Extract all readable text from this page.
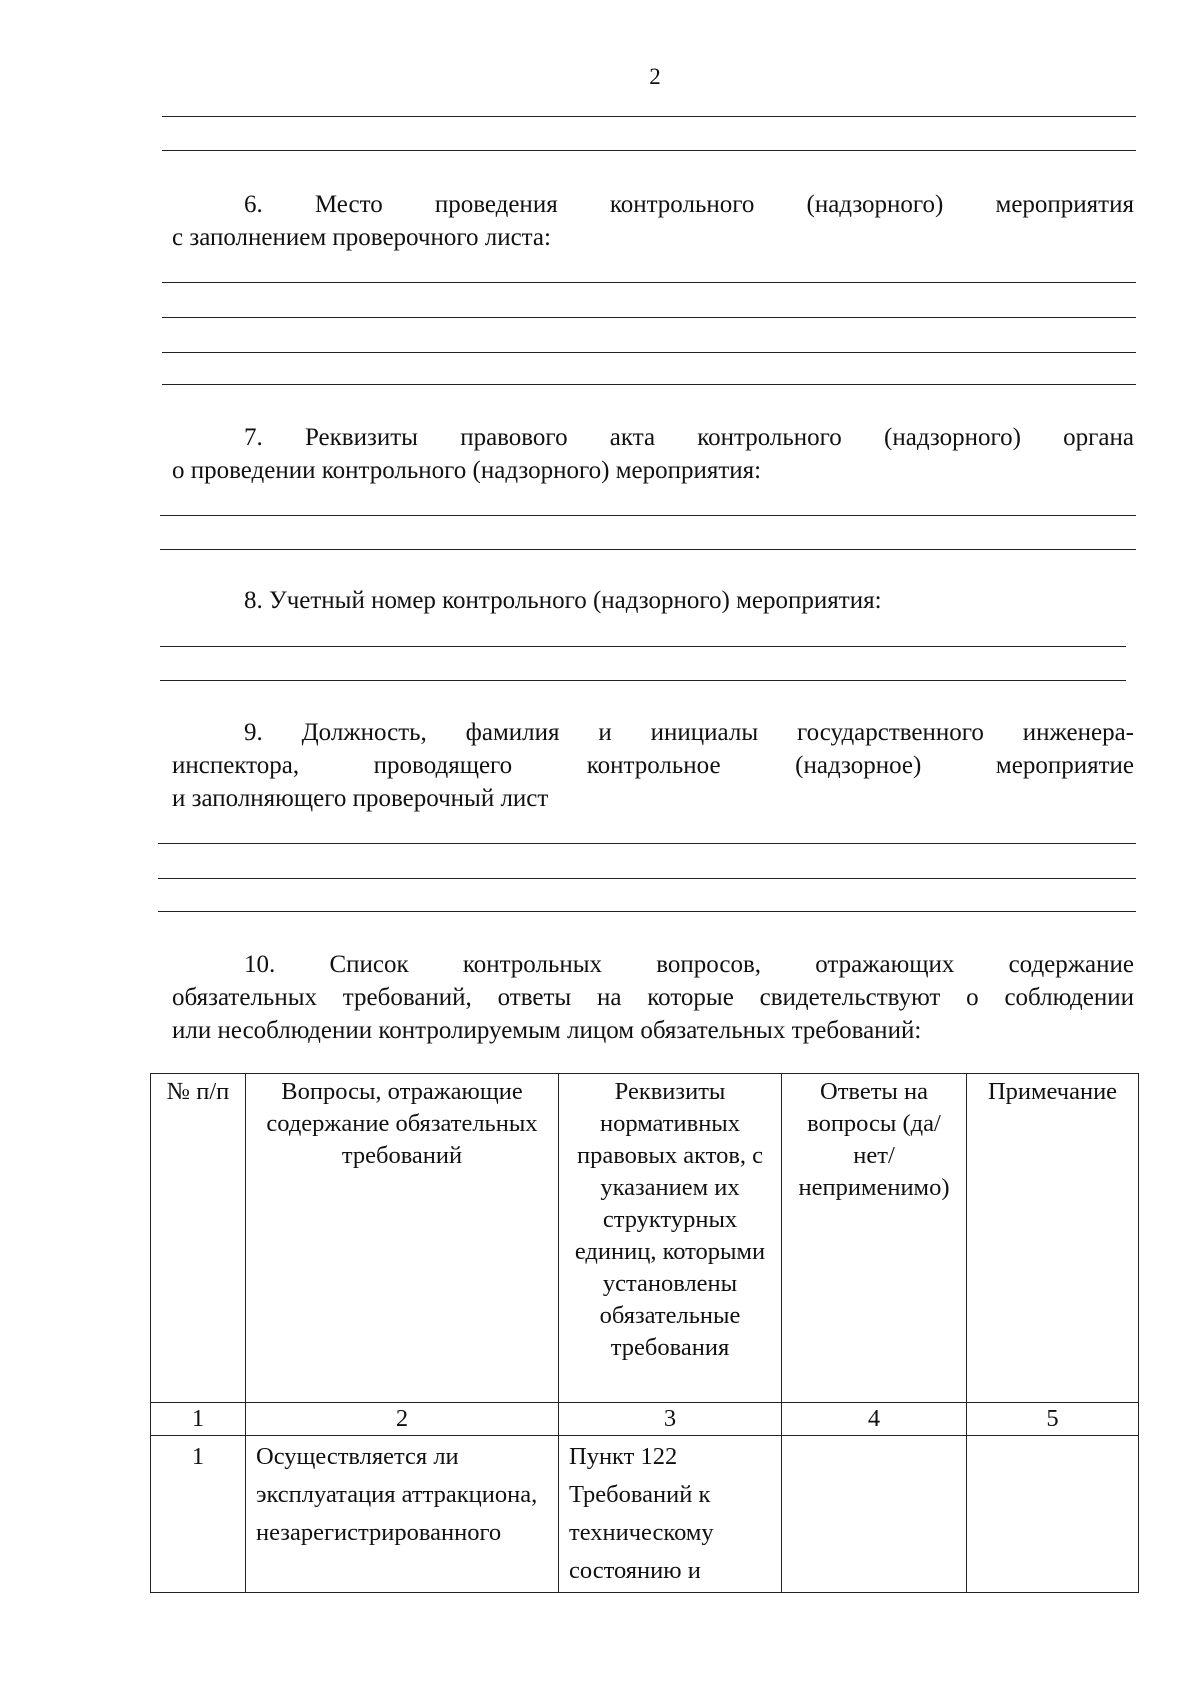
2
6. Место проведения контрольного (надзорного) мероприятия
с заполнением проверочного листа:
7. Реквизиты правового акта контрольного (надзорного) органа
о проведении контрольного (надзорного) мероприятия:
8. Учетный номер контрольного (надзорного) мероприятия:
9. Должность, фамилия и инициалы государственного инженера-
инспектора, проводящего контрольное (надзорное) мероприятие
и заполняющего проверочный лист
10. Список контрольных вопросов, отражающих содержание
обязательных требований, ответы на которые свидетельствуют о соблюдении
или несоблюдении контролируемым лицом обязательных требований:
№ п/п	Вопросы, отражающие содержание обязательных требований	Реквизиты нормативных правовых актов, с указанием их структурных единиц, которыми установлены обязательные требования	Ответы на вопросы (да/нет/ неприменимо)	Примечание
1	2	3	4	5
1	Осуществляется ли эксплуатация аттракциона, незарегистрированного	Пункт 122 Требований к техническому состоянию и		
